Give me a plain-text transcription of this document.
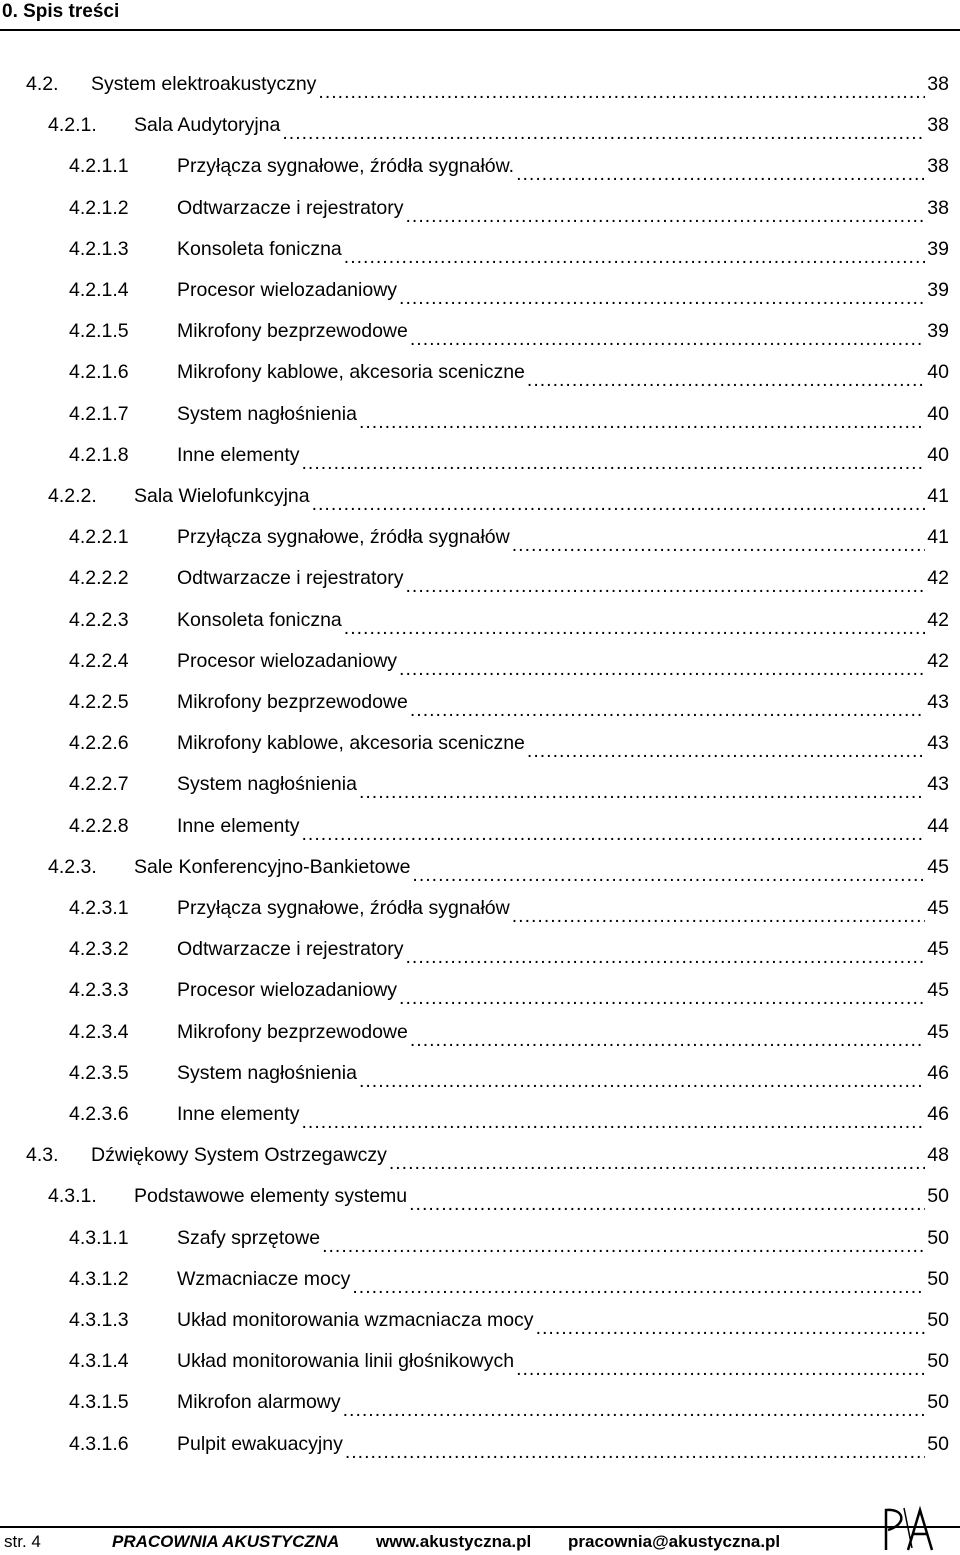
0. Spis treści
4.2.	System elektroakustyczny .....	38
4.2.1.	Sala Audytoryjna .....	38
4.2.1.1	Przyłącza sygnałowe, źródła sygnałów. .....	38
4.2.1.2	Odtwarzacze i rejestratory .....	38
4.2.1.3	Konsoleta foniczna .....	39
4.2.1.4	Procesor wielozadaniowy .....	39
4.2.1.5	Mikrofony bezprzewodowe .....	39
4.2.1.6	Mikrofony kablowe, akcesoria sceniczne .....	40
4.2.1.7	System nagłośnienia .....	40
4.2.1.8	Inne elementy .....	40
4.2.2.	Sala Wielofunkcyjna .....	41
4.2.2.1	Przyłącza sygnałowe, źródła sygnałów .....	41
4.2.2.2	Odtwarzacze i rejestratory .....	42
4.2.2.3	Konsoleta foniczna .....	42
4.2.2.4	Procesor wielozadaniowy .....	42
4.2.2.5	Mikrofony bezprzewodowe .....	43
4.2.2.6	Mikrofony kablowe, akcesoria sceniczne .....	43
4.2.2.7	System nagłośnienia .....	43
4.2.2.8	Inne elementy .....	44
4.2.3.	Sale Konferencyjno-Bankietowe .....	45
4.2.3.1	Przyłącza sygnałowe, źródła sygnałów .....	45
4.2.3.2	Odtwarzacze i rejestratory .....	45
4.2.3.3	Procesor wielozadaniowy .....	45
4.2.3.4	Mikrofony bezprzewodowe .....	45
4.2.3.5	System nagłośnienia .....	46
4.2.3.6	Inne elementy .....	46
4.3.	Dźwiękowy System Ostrzegawczy .....	48
4.3.1.	Podstawowe elementy systemu .....	50
4.3.1.1	Szafy sprzętowe .....	50
4.3.1.2	Wzmacniacze mocy .....	50
4.3.1.3	Układ monitorowania wzmacniacza mocy .....	50
4.3.1.4	Układ monitorowania linii głośnikowych .....	50
4.3.1.5	Mikrofon alarmowy .....	50
4.3.1.6	Pulpit ewakuacyjny .....	50
str. 4	PRACOWNIA AKUSTYCZNA www.akustyczna.pl pracownia@akustyczna.pl
